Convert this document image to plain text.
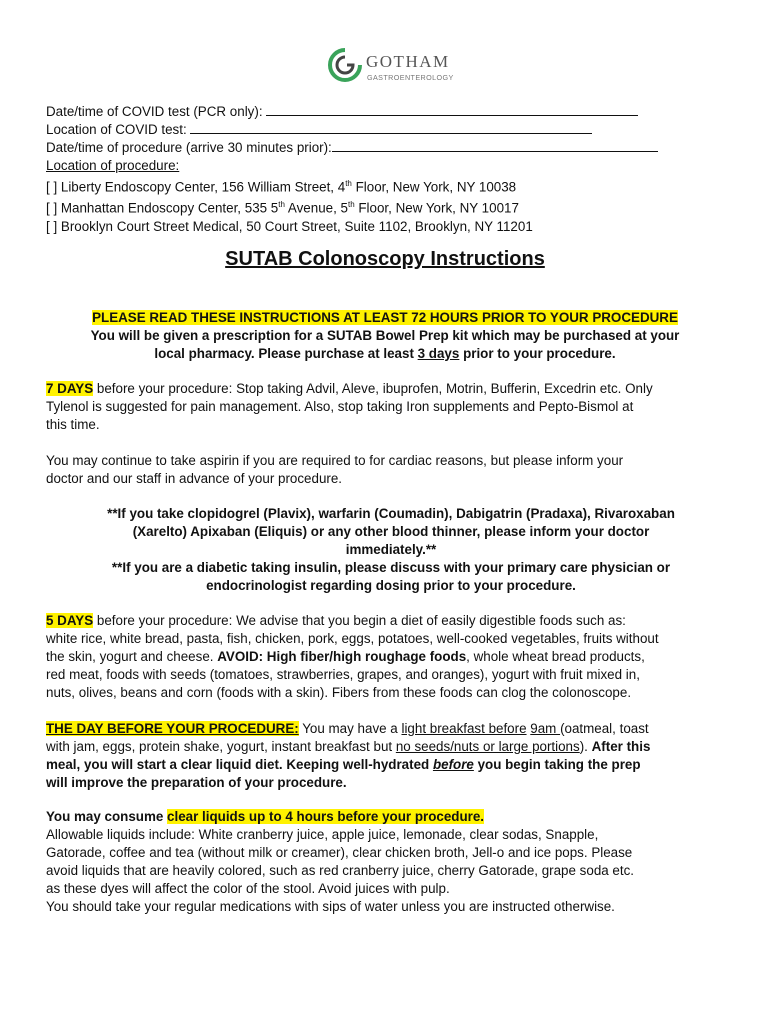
GOTHAM
GASTROENTEROLOGY
Date/time of COVID test (PCR only):
Location of COVID test:
Date/time of procedure (arrive 30 minutes prior):
Location of procedure:
[ ] Liberty Endoscopy Center, 156 William Street, 4th Floor, New York, NY 10038
[ ] Manhattan Endoscopy Center, 535 5th Avenue, 5th Floor, New York, NY 10017
[ ] Brooklyn Court Street Medical, 50 Court Street, Suite 1102, Brooklyn, NY 11201
SUTAB Colonoscopy Instructions
PLEASE READ THESE INSTRUCTIONS AT LEAST 72 HOURS PRIOR TO YOUR PROCEDURE
You will be given a prescription for a SUTAB Bowel Prep kit which may be purchased at your
local pharmacy. Please purchase at least 3 days prior to your procedure.
7 DAYS before your procedure: Stop taking Advil, Aleve, ibuprofen, Motrin, Bufferin, Excedrin etc. Only
Tylenol is suggested for pain management. Also, stop taking Iron supplements and Pepto-Bismol at
this time.
You may continue to take aspirin if you are required to for cardiac reasons, but please inform your
doctor and our staff in advance of your procedure.
**If you take clopidogrel (Plavix), warfarin (Coumadin), Dabigatrin (Pradaxa), Rivaroxaban
(Xarelto) Apixaban (Eliquis) or any other blood thinner, please inform your doctor
immediately.**
**If you are a diabetic taking insulin, please discuss with your primary care physician or
endocrinologist regarding dosing prior to your procedure.
5 DAYS before your procedure: We advise that you begin a diet of easily digestible foods such as:
white rice, white bread, pasta, fish, chicken, pork, eggs, potatoes, well-cooked vegetables, fruits without
the skin, yogurt and cheese. AVOID: High fiber/high roughage foods, whole wheat bread products,
red meat, foods with seeds (tomatoes, strawberries, grapes, and oranges), yogurt with fruit mixed in,
nuts, olives, beans and corn (foods with a skin). Fibers from these foods can clog the colonoscope.
THE DAY BEFORE YOUR PROCEDURE: You may have a light breakfast before 9am (oatmeal, toast
with jam, eggs, protein shake, yogurt, instant breakfast but no seeds/nuts or large portions). After this
meal, you will start a clear liquid diet. Keeping well-hydrated before you begin taking the prep
will improve the preparation of your procedure.
You may consume clear liquids up to 4 hours before your procedure.
Allowable liquids include: White cranberry juice, apple juice, lemonade, clear sodas, Snapple,
Gatorade, coffee and tea (without milk or creamer), clear chicken broth, Jell-o and ice pops. Please
avoid liquids that are heavily colored, such as red cranberry juice, cherry Gatorade, grape soda etc.
as these dyes will affect the color of the stool. Avoid juices with pulp.
You should take your regular medications with sips of water unless you are instructed otherwise.
